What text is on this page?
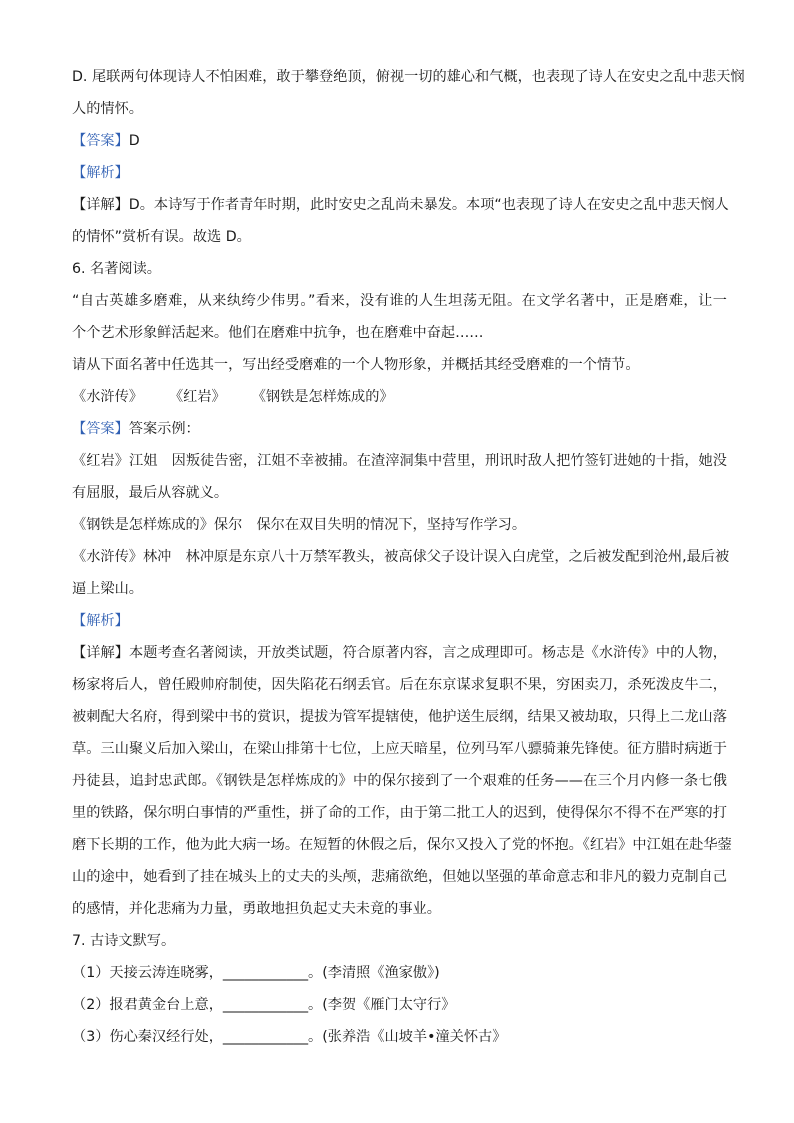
D. 尾联两句体现诗人不怕困难，敢于攀登绝顶，俯视一切的雄心和气概，也表现了诗人在安史之乱中悲天悯
人的情怀。
【答案】D
【解析】
【详解】D。本诗写于作者青年时期，此时安史之乱尚未暴发。本项“也表现了诗人在安史之乱中悲天悯人
的情怀”赏析有误。故选 D。
6. 名著阅读。
“自古英雄多磨难，从来纨绔少伟男。”看来，没有谁的人生坦荡无阻。在文学名著中，正是磨难，让一
个个艺术形象鲜活起来。他们在磨难中抗争，也在磨难中奋起……
请从下面名著中任选其一，写出经受磨难的一个人物形象，并概括其经受磨难的一个情节。
《水浒传》 《红岩》 《钢铁是怎样炼成的》
【答案】答案示例：
《红岩》江姐　因叛徒告密，江姐不幸被捕。在渣滓洞集中营里，刑讯时敌人把竹签钉进她的十指，她没
有屈服，最后从容就义。
《钢铁是怎样炼成的》保尔　保尔在双目失明的情况下，坚持写作学习。
《水浒传》林冲　林冲原是东京八十万禁军教头，被高俅父子设计误入白虎堂，之后被发配到沧州,最后被
逼上梁山。
【解析】
【详解】本题考查名著阅读，开放类试题，符合原著内容，言之成理即可。杨志是《水浒传》中的人物，
杨家将后人，曾任殿帅府制使，因失陷花石纲丢官。后在东京谋求复职不果，穷困卖刀，杀死泼皮牛二，
被刺配大名府，得到梁中书的赏识，提拔为管军提辖使，他护送生辰纲，结果又被劫取，只得上二龙山落
草。三山聚义后加入梁山，在梁山排第十七位，上应天暗星，位列马军八骠骑兼先锋使。征方腊时病逝于
丹徒县，追封忠武郎。《钢铁是怎样炼成的》中的保尔接到了一个艰难的任务——在三个月内修一条七俄
里的铁路，保尔明白事情的严重性，拼了命的工作，由于第二批工人的迟到，使得保尔不得不在严寒的打
磨下长期的工作，他为此大病一场。在短暂的休假之后，保尔又投入了党的怀抱。《红岩》中江姐在赴华蓥
山的途中，她看到了挂在城头上的丈夫的头颅，悲痛欲绝，但她以坚强的革命意志和非凡的毅力克制自己
的感情，并化悲痛为力量，勇敢地担负起丈夫未竟的事业。
7. 古诗文默写。
（1）天接云涛连晓雾，____________。(李清照《渔家傲》)
（2）报君黄金台上意，____________。(李贺《雁门太守行》
（3）伤心秦汉经行处，____________。(张养浩《山坡羊•潼关怀古》
